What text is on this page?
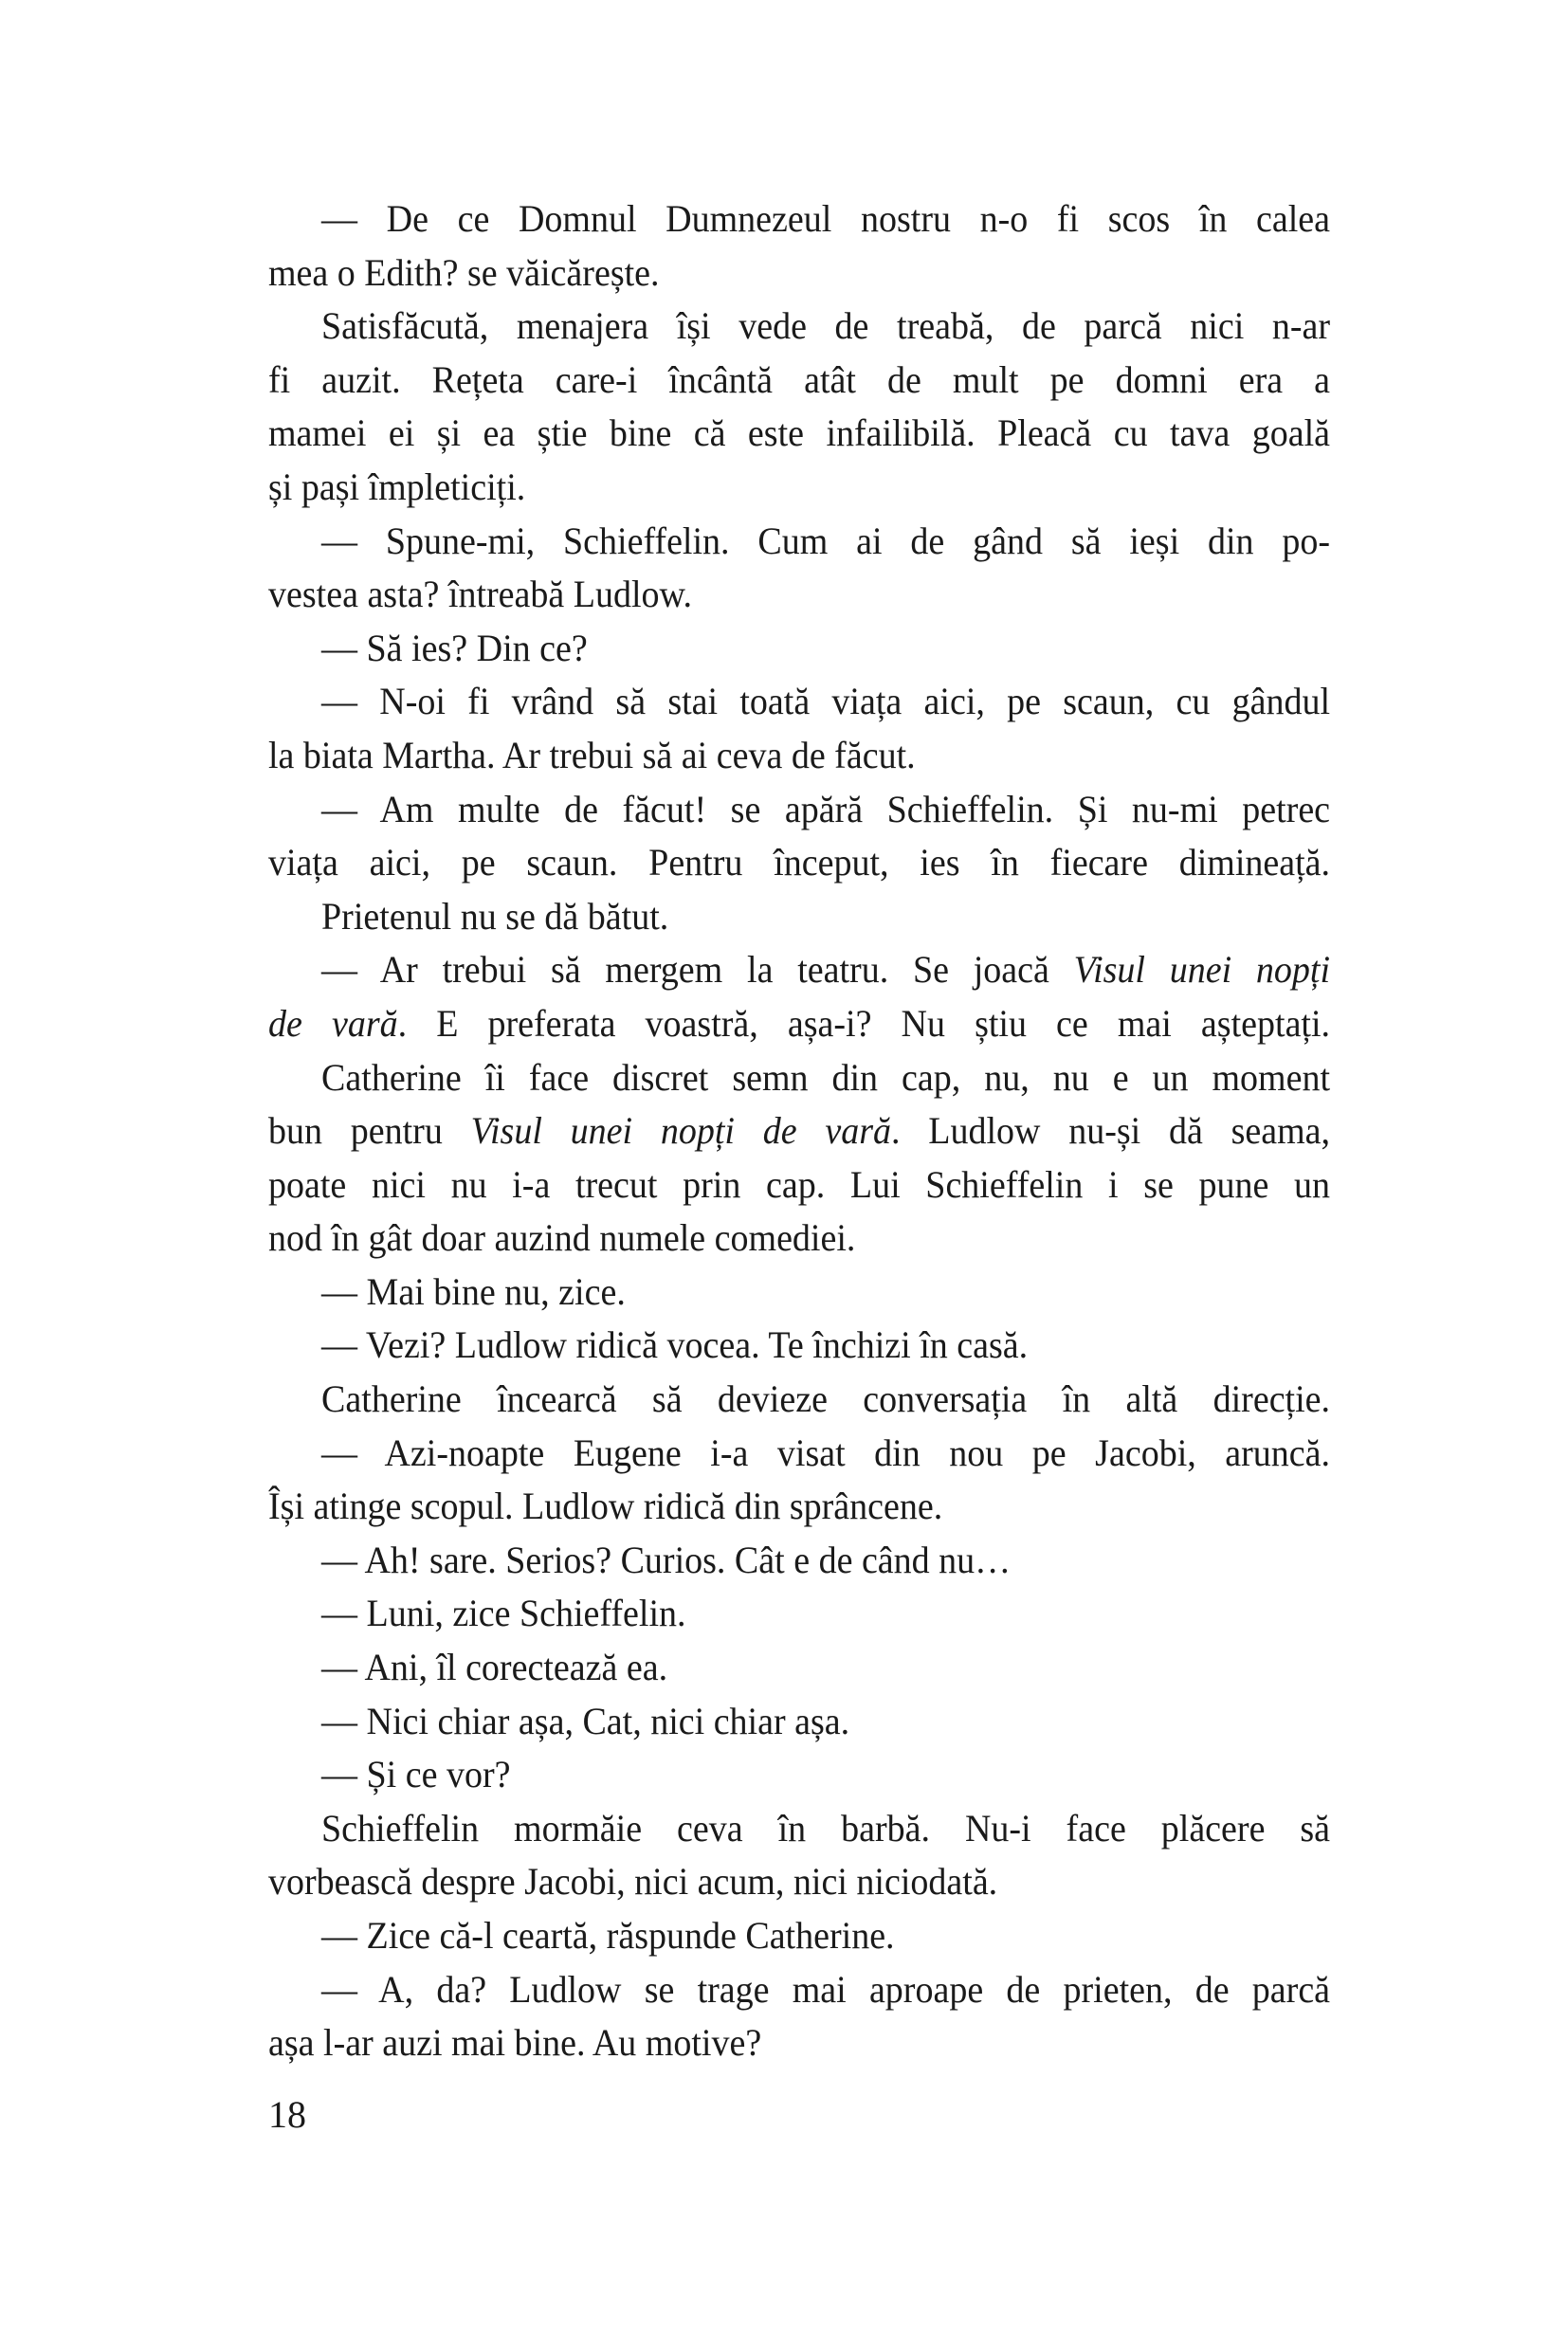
— De ce Domnul Dumnezeul nostru n-o fi scos în calea
mea o Edith? se văicărește.
Satisfăcută, menajera își vede de treabă, de parcă nici n-ar
fi auzit. Rețeta care-i încântă atât de mult pe domni era a
mamei ei și ea știe bine că este infailibilă. Pleacă cu tava goală
și pași împleticiți.
— Spune-mi, Schieffelin. Cum ai de gând să ieși din po-
vestea asta? întreabă Ludlow.
— Să ies? Din ce?
— N-oi fi vrând să stai toată viața aici, pe scaun, cu gândul
la biata Martha. Ar trebui să ai ceva de făcut.
— Am multe de făcut! se apără Schieffelin. Și nu-mi petrec
viața aici, pe scaun. Pentru început, ies în fiecare dimineață.
Prietenul nu se dă bătut.
— Ar trebui să mergem la teatru. Se joacă Visul unei nopți
de vară. E preferata voastră, așa-i? Nu știu ce mai așteptați.
Catherine îi face discret semn din cap, nu, nu e un moment
bun pentru Visul unei nopți de vară. Ludlow nu-și dă seama,
poate nici nu i-a trecut prin cap. Lui Schieffelin i se pune un
nod în gât doar auzind numele comediei.
— Mai bine nu, zice.
— Vezi? Ludlow ridică vocea. Te închizi în casă.
Catherine încearcă să devieze conversația în altă direcție.
— Azi-noapte Eugene i-a visat din nou pe Jacobi, aruncă.
Își atinge scopul. Ludlow ridică din sprâncene.
— Ah! sare. Serios? Curios. Cât e de când nu…
— Luni, zice Schieffelin.
— Ani, îl corectează ea.
— Nici chiar așa, Cat, nici chiar așa.
— Și ce vor?
Schieffelin mormăie ceva în barbă. Nu-i face plăcere să
vorbească despre Jacobi, nici acum, nici niciodată.
— Zice că-l ceartă, răspunde Catherine.
— A, da? Ludlow se trage mai aproape de prieten, de parcă
așa l-ar auzi mai bine. Au motive?
18
